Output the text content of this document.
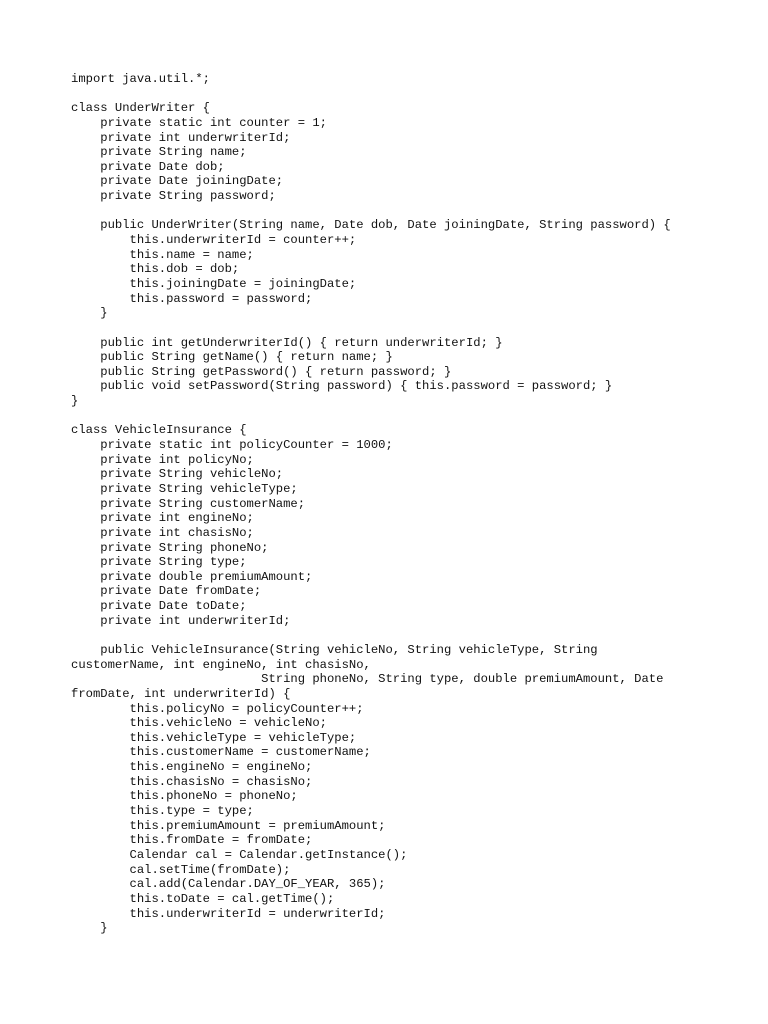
import java.util.*;
class UnderWriter {
private static int counter = 1;
private int underwriterId;
private String name;
private Date dob;
private Date joiningDate;
private String password;
public UnderWriter(String name, Date dob, Date joiningDate, String password) {
this.underwriterId = counter++;
this.name = name;
this.dob = dob;
this.joiningDate = joiningDate;
this.password = password;
}
public int getUnderwriterId() { return underwriterId; }
public String getName() { return name; }
public String getPassword() { return password; }
public void setPassword(String password) { this.password = password; }
}
class VehicleInsurance {
private static int policyCounter = 1000;
private int policyNo;
private String vehicleNo;
private String vehicleType;
private String customerName;
private int engineNo;
private int chasisNo;
private String phoneNo;
private String type;
private double premiumAmount;
private Date fromDate;
private Date toDate;
private int underwriterId;
public VehicleInsurance(String vehicleNo, String vehicleType, String
customerName, int engineNo, int chasisNo,
String phoneNo, String type, double premiumAmount, Date
fromDate, int underwriterId) {
this.policyNo = policyCounter++;
this.vehicleNo = vehicleNo;
this.vehicleType = vehicleType;
this.customerName = customerName;
this.engineNo = engineNo;
this.chasisNo = chasisNo;
this.phoneNo = phoneNo;
this.type = type;
this.premiumAmount = premiumAmount;
this.fromDate = fromDate;
Calendar cal = Calendar.getInstance();
cal.setTime(fromDate);
cal.add(Calendar.DAY_OF_YEAR, 365);
this.toDate = cal.getTime();
this.underwriterId = underwriterId;
}
